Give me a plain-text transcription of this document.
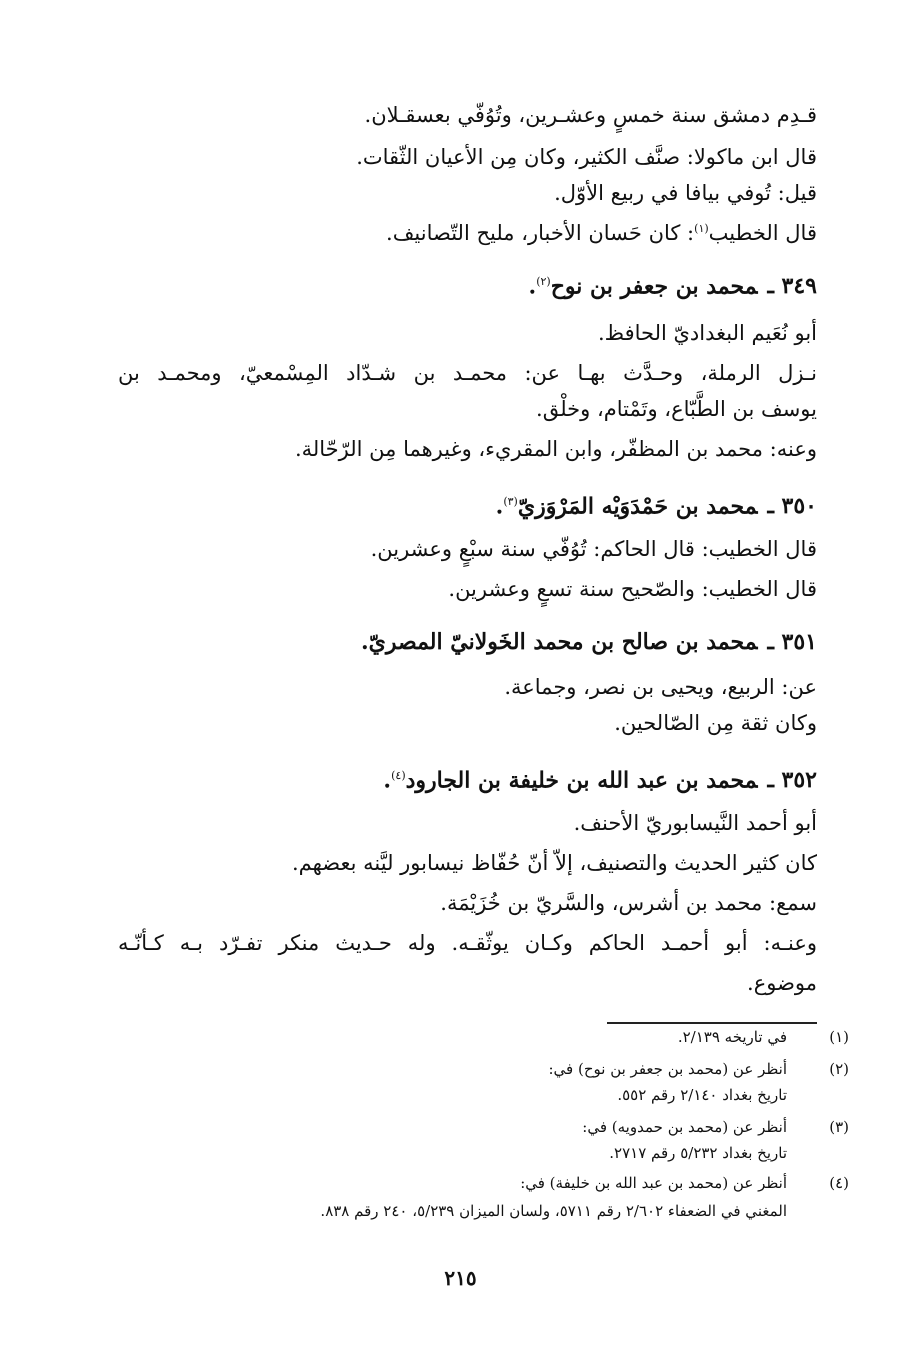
قـدِم دمشق سنة خمسٍ وعشـرين، وتُوُفّي بعسقـلان.
قال ابن ماكولا: صنَّف الكثير، وكان مِن الأعيان الثّقات.
قيل: تُوفي بيافا في ربيع الأوّل.
قال الخطيب$^{(١)}$: كان حَسان الأخبار، مليح التّصانيف.
٣٤٩ ـمحمد بن جعفر بن نوح$^{(٢)}$.
أبو نُعَيم البغداديّ الحافظ.
نـزل الرملة، وحـدَّث بهـا عن: محمـد بن شـدّاد المِسْمعيّ، ومحمـد بن
يوسف بن الطَّبّاع، وتَمْتام، وخلْق.
وعنه: محمد بن المظفّر، وابن المقريء، وغيرهما مِن الرّحّالة.
٣٥٠ ـمحمد بن حَمْدَوَيْه المَرْوَزيّ$^{(٣)}$.
قال الخطيب: قال الحاكم: تُوُفّي سنة سبْعٍ وعشرين.
قال الخطيب: والصّحيح سنة تسعٍ وعشرين.
٣٥١ ـمحمد بن صالح بن محمد الخَولانيّ المصريّ.
عن: الربيع، ويحيى بن نصر، وجماعة.
وكان ثقة مِن الصّالحين.
٣٥٢ ـمحمد بن عبد الله بن خليفة بن الجارود$^{(٤)}$.
أبو أحمد النَّيسابوريّ الأحنف.
كان كثير الحديث والتصنيف، إلاّ أنّ حُفّاظ نيسابور ليَّنه بعضهم.
سمع: محمد بن أشرس، والسَّريّ بن خُزَيْمَة.
وعنـه: أبو أحمـد الحاكم وكـان يوثّقـه. وله حـديث منكر تفـرّد بـه كـأنّـه
موضوع.
(١)في تاريخه ٢/١٣٩.
(٢)أنظر عن (محمد بن جعفر بن نوح) في:
تاريخ بغداد ٢/١٤٠ رقم ٥٥٢.
(٣)أنظر عن (محمد بن حمدويه) في:
تاريخ بغداد ٥/٢٣٢ رقم ٢٧١٧.
(٤)أنظر عن (محمد بن عبد الله بن خليفة) في:
المغني في الضعفاء ٢/٦٠٢ رقم ٥٧١١، ولسان الميزان ٥/٢٣٩، ٢٤٠ رقم ٨٣٨.
٢١٥
